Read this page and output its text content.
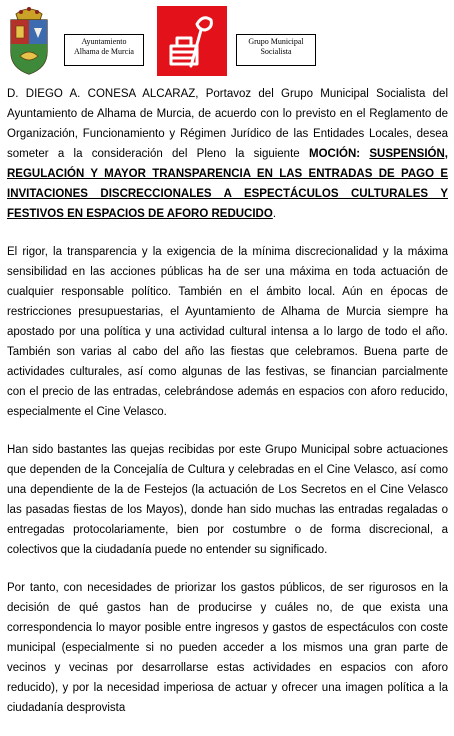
Ayuntamiento
Alhama de Murcia
Grupo Municipal
Socialista

D. DIEGO A. CONESA ALCARAZ, Portavoz del Grupo Municipal Socialista del Ayuntamiento de Alhama de Murcia, de acuerdo con lo previsto en el Reglamento de Organización, Funcionamiento y Régimen Jurídico de las Entidades Locales, desea someter a la consideración del Pleno la siguiente MOCIÓN: SUSPENSIÓN, REGULACIÓN Y MAYOR TRANSPARENCIA EN LAS ENTRADAS DE PAGO E INVITACIONES DISCRECCIONALES A ESPECTÁCULOS CULTURALES Y FESTIVOS EN ESPACIOS DE AFORO REDUCIDO.

El rigor, la transparencia y la exigencia de la mínima discrecionalidad y la máxima sensibilidad en las acciones públicas ha de ser una máxima en toda actuación de cualquier responsable político. También en el ámbito local. Aún en épocas de restricciones presupuestarias, el Ayuntamiento de Alhama de Murcia siempre ha apostado por una política y una actividad cultural intensa a lo largo de todo el año. También son varias al cabo del año las fiestas que celebramos. Buena parte de actividades culturales, así como algunas de las festivas, se financian parcialmente con el precio de las entradas, celebrándose además en espacios con aforo reducido, especialmente el Cine Velasco.

Han sido bastantes las quejas recibidas por este Grupo Municipal sobre actuaciones que dependen de la Concejalía de Cultura y celebradas en el Cine Velasco, así como una dependiente de la de Festejos (la actuación de Los Secretos en el Cine Velasco las pasadas fiestas de los Mayos), donde han sido muchas las entradas regaladas o entregadas protocolariamente, bien por costumbre o de forma discrecional, a colectivos que la ciudadanía puede no entender su significado.

Por tanto, con necesidades de priorizar los gastos públicos, de ser rigurosos en la decisión de qué gastos han de producirse y cuáles no, de que exista una correspondencia lo mayor posible entre ingresos y gastos de espectáculos con coste municipal (especialmente si no pueden acceder a los mismos una gran parte de vecinos y vecinas por desarrollarse estas actividades en espacios con aforo reducido), y por la necesidad imperiosa de actuar y ofrecer una imagen política a la ciudadanía desprovista
